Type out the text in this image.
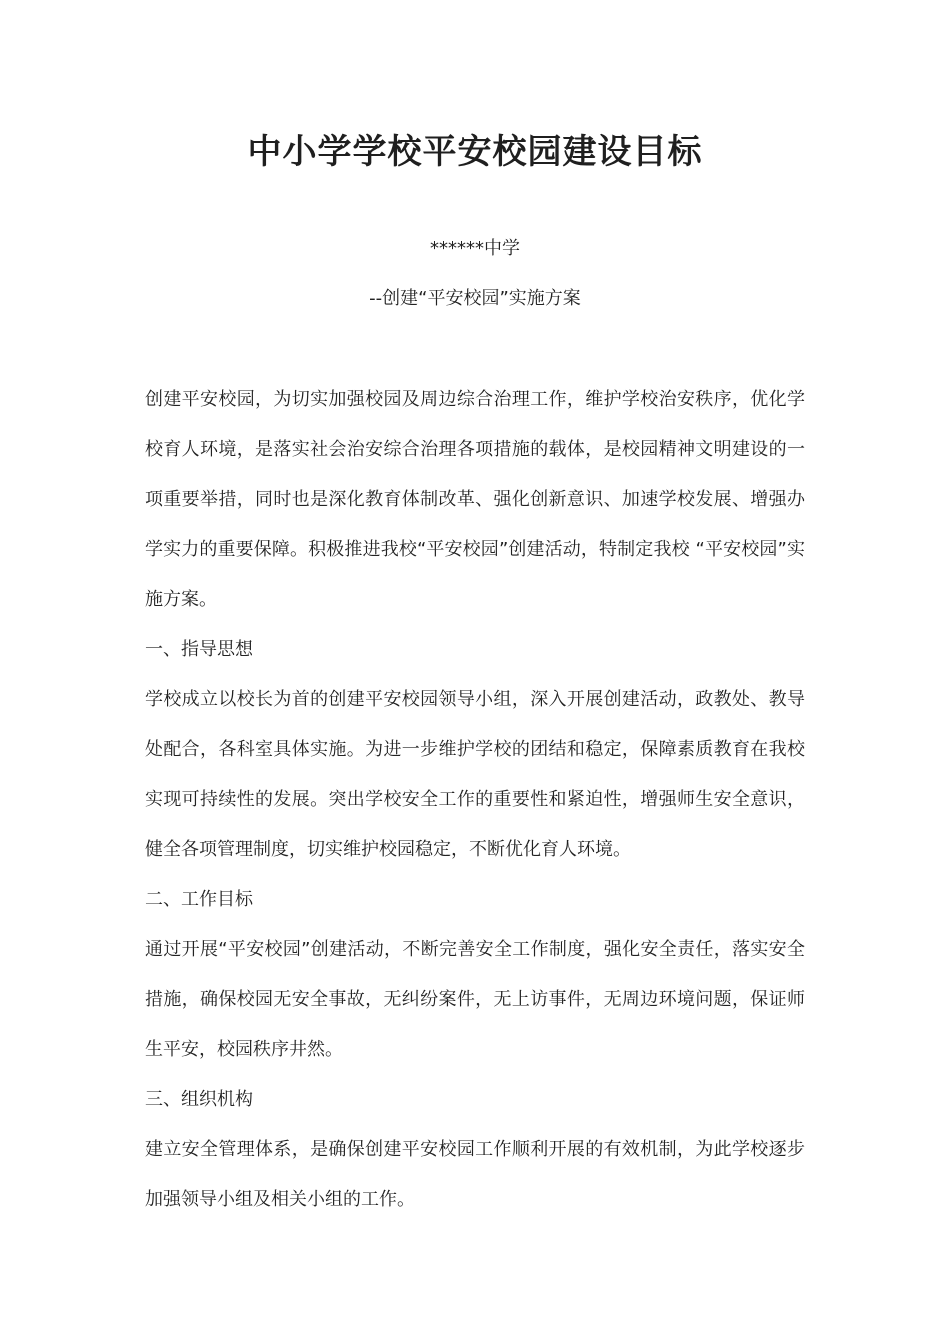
中小学学校平安校园建设目标
******中学
--创建“平安校园”实施方案

创建平安校园，为切实加强校园及周边综合治理工作，维护学校治安秩序，优化学校育人环境，是落实社会治安综合治理各项措施的载体，是校园精神文明建设的一项重要举措，同时也是深化教育体制改革、强化创新意识、加速学校发展、增强办学实力的重要保障。积极推进我校“平安校园”创建活动，特制定我校 “平安校园”实施方案。

一、指导思想

学校成立以校长为首的创建平安校园领导小组，深入开展创建活动，政教处、教导处配合，各科室具体实施。为进一步维护学校的团结和稳定，保障素质教育在我校实现可持续性的发展。突出学校安全工作的重要性和紧迫性，增强师生安全意识，健全各项管理制度，切实维护校园稳定，不断优化育人环境。

二、工作目标

通过开展“平安校园”创建活动，不断完善安全工作制度，强化安全责任，落实安全措施，确保校园无安全事故，无纠纷案件，无上访事件，无周边环境问题，保证师生平安，校园秩序井然。

三、组织机构

建立安全管理体系，是确保创建平安校园工作顺利开展的有效机制，为此学校逐步加强领导小组及相关小组的工作。
